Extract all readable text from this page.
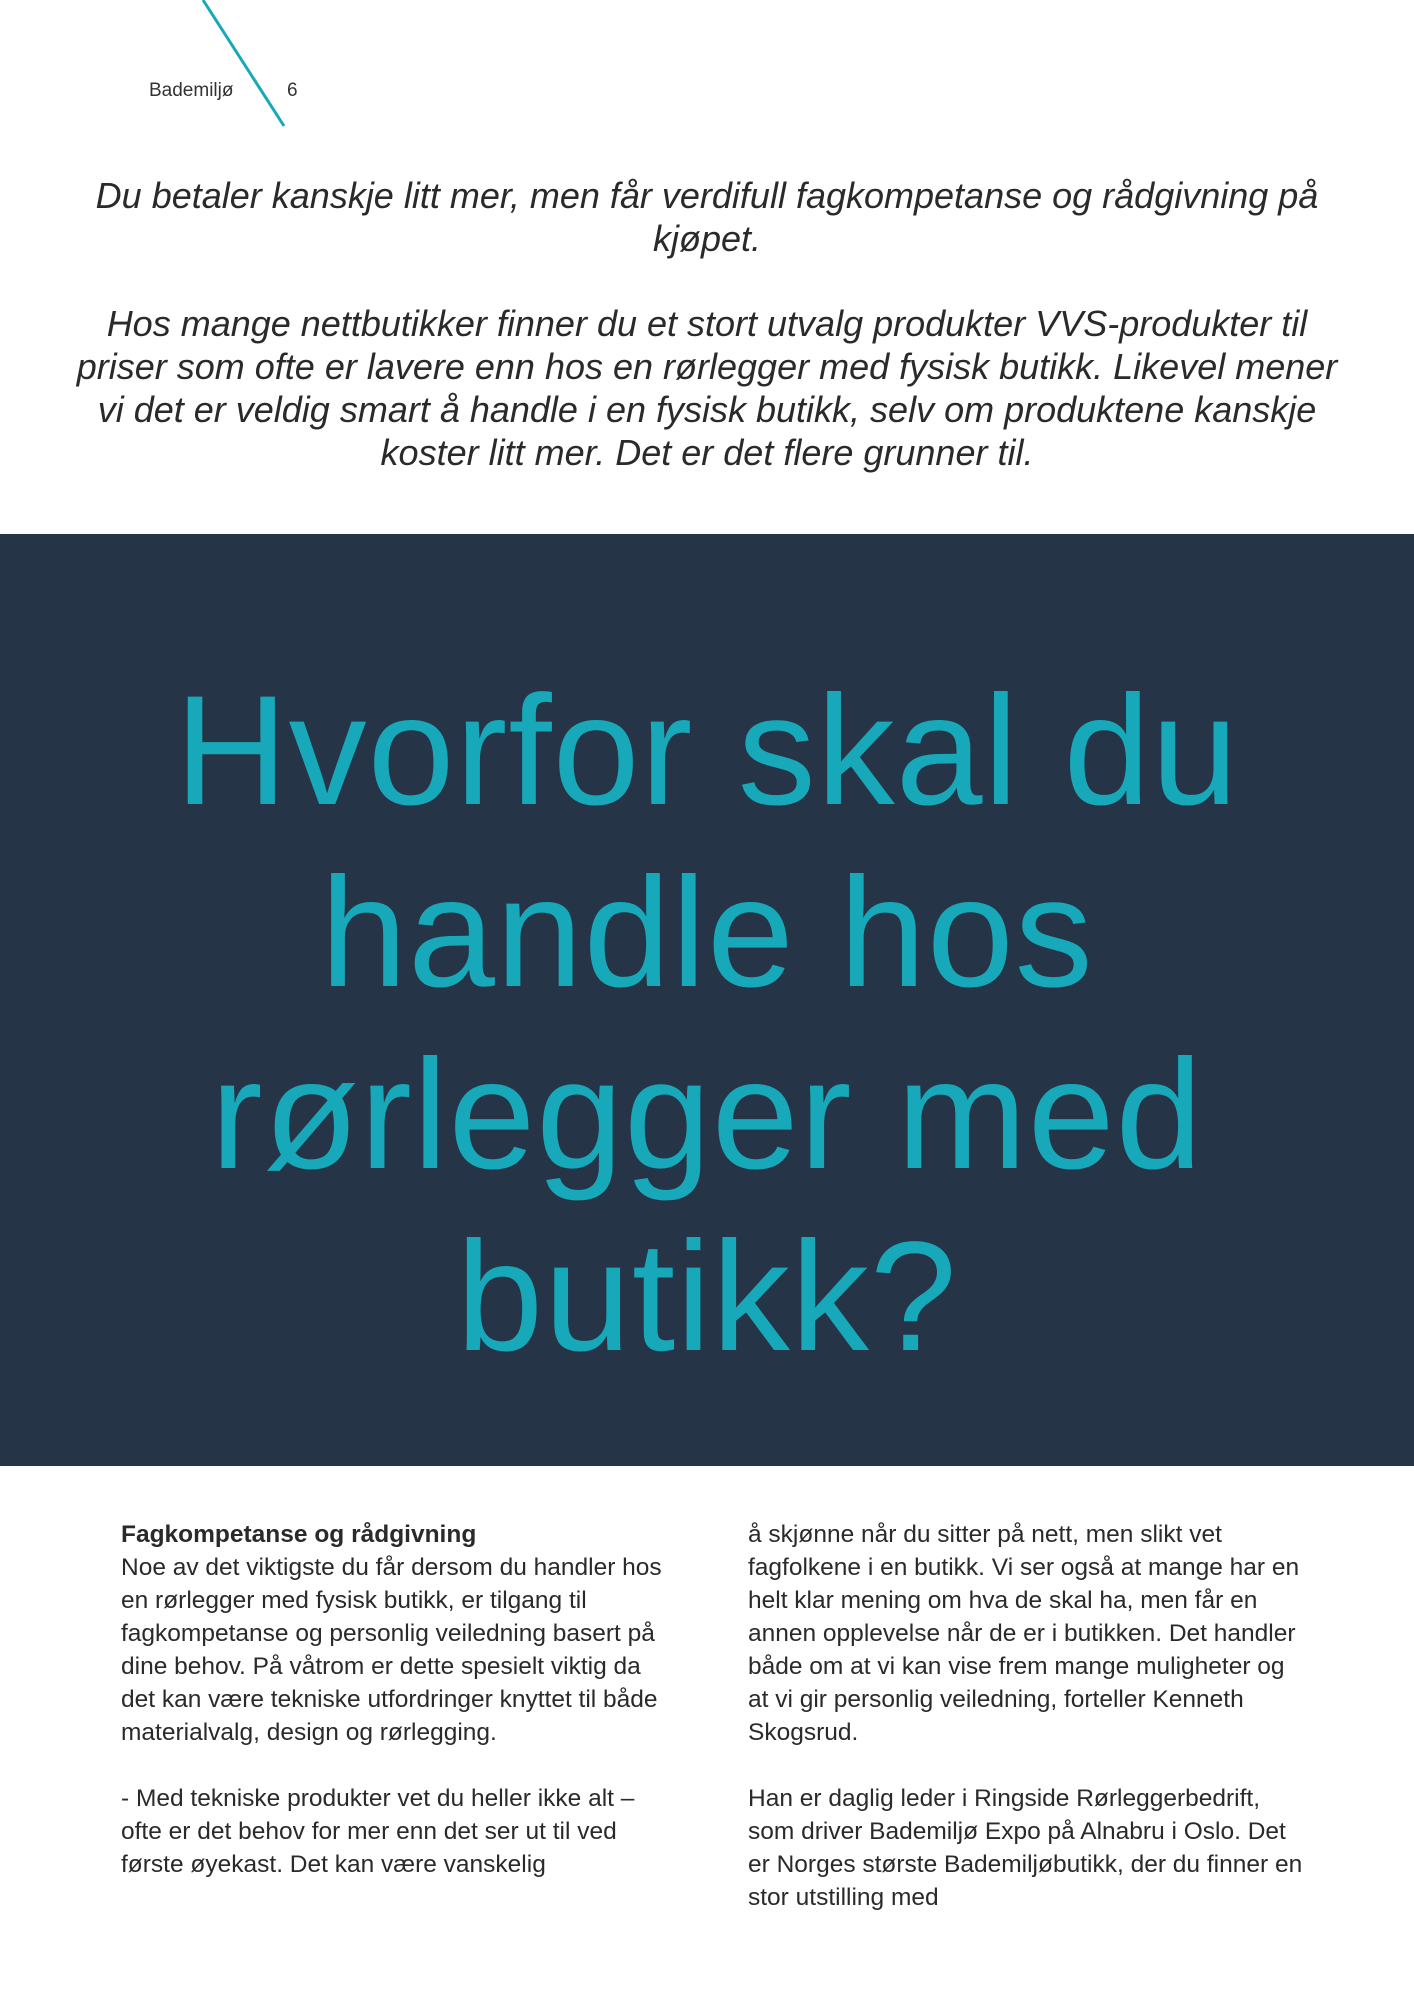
Bademiljø	6
Du betaler kanskje litt mer, men får verdifull fagkompetanse og rådgivning på kjøpet.
Hos mange nettbutikker finner du et stort utvalg produkter VVS-produkter til priser som ofte er lavere enn hos en rørlegger med fysisk butikk. Likevel mener vi det er veldig smart å handle i en fysisk butikk, selv om produktene kanskje koster litt mer. Det er det flere grunner til.
Hvorfor skal du handle hos rørlegger med butikk?

Fagkompetanse og rådgivning

Noe av det viktigste du får dersom du handler hos en rørlegger med fysisk butikk, er tilgang til fagkompetanse og personlig veiledning basert på dine behov. På våtrom er dette spesielt viktig da det kan være tekniske utfordringer knyttet til både materialvalg, design og rørlegging.

- Med tekniske produkter vet du heller ikke alt – ofte er det behov for mer enn det ser ut til ved første øyekast. Det kan være vanskelig

å skjønne når du sitter på nett, men slikt vet fagfolkene i en butikk. Vi ser også at mange har en helt klar mening om hva de skal ha, men får en annen opplevelse når de er i butikken. Det handler både om at vi kan vise frem mange muligheter og at vi gir personlig veiledning, forteller Kenneth Skogsrud.

Han er daglig leder i Ringside Rørleggerbedrift, som driver Bademiljø Expo på Alnabru i Oslo. Det er Norges største Bademiljøbutikk, der du finner en stor utstilling med
